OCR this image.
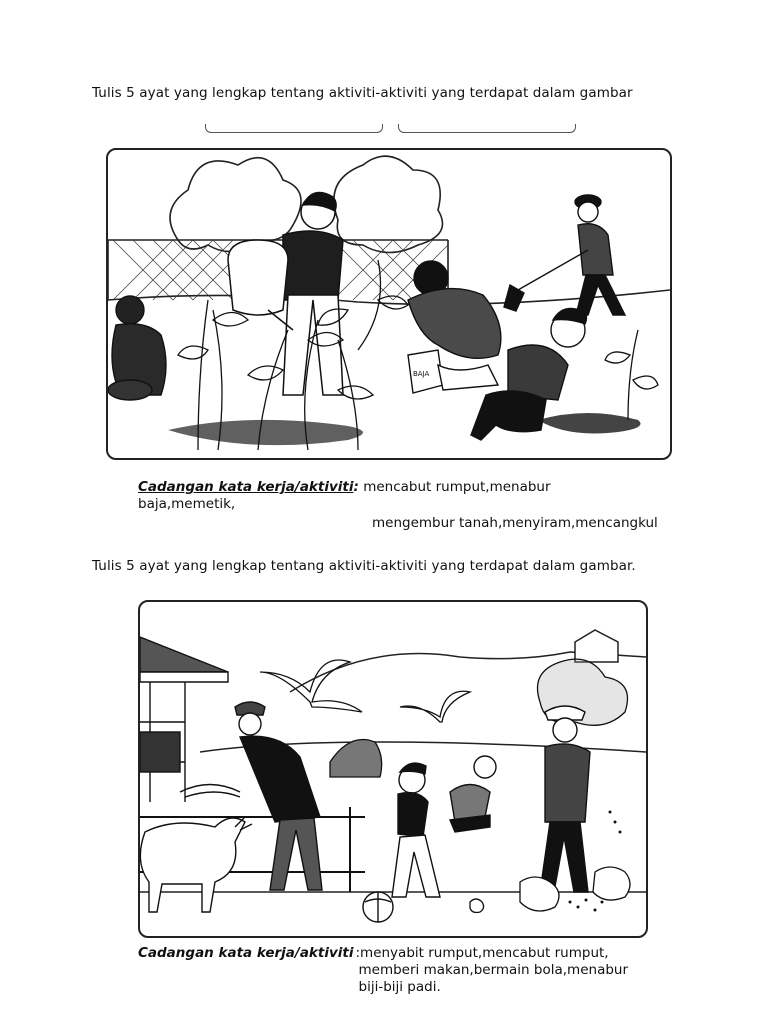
Tulis 5 ayat yang lengkap tentang aktiviti-aktiviti yang terdapat dalam gambar
BAJA
Cadangan kata kerja/aktiviti: mencabut rumput,menabur
baja,memetik,
mengembur tanah,menyiram,mencangkul
Tulis 5 ayat yang lengkap tentang aktiviti-aktiviti yang terdapat dalam gambar.
Cadangan kata kerja/aktiviti :menyabit rumput,mencabut rumput,
memberi makan,bermain bola,menabur
biji-biji padi.
